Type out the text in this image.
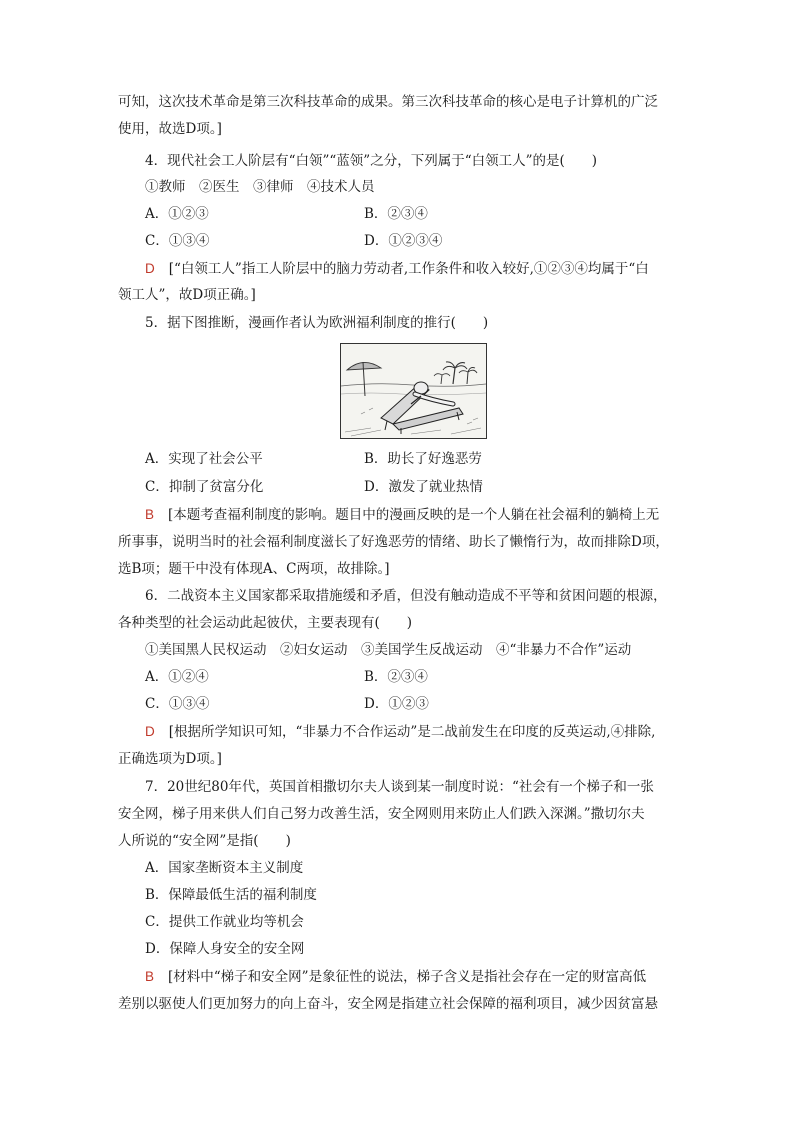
可知，这次技术革命是第三次科技革命的成果。第三次科技革命的核心是电子计算机的广泛
使用，故选D项。]
4．现代社会工人阶层有“白领”“蓝领”之分，下列属于“白领工人”的是(　　)
①教师　②医生　③律师　④技术人员
A．①②③	B．②③④
C．①③④	D．①②③④
D [“白领工人”指工人阶层中的脑力劳动者,工作条件和收入较好,①②③④均属于“白
领工人”，故D项正确。]
5．据下图推断，漫画作者认为欧洲福利制度的推行(　　)
A．实现了社会公平	B．助长了好逸恶劳
C．抑制了贫富分化	D．激发了就业热情
B [本题考查福利制度的影响。题目中的漫画反映的是一个人躺在社会福利的躺椅上无
所事事，说明当时的社会福利制度滋长了好逸恶劳的情绪、助长了懒惰行为，故而排除D项，
选B项；题干中没有体现A、C两项，故排除。]
6．二战资本主义国家都采取措施缓和矛盾，但没有触动造成不平等和贫困问题的根源，
各种类型的社会运动此起彼伏，主要表现有(　　)
①美国黑人民权运动　②妇女运动　③美国学生反战运动　④“非暴力不合作”运动
A．①②④	B．②③④
C．①③④	D．①②③
D [根据所学知识可知，“非暴力不合作运动”是二战前发生在印度的反英运动,④排除,
正确选项为D项。]
7．20世纪80年代，英国首相撒切尔夫人谈到某一制度时说：“社会有一个梯子和一张
安全网，梯子用来供人们自己努力改善生活，安全网则用来防止人们跌入深渊。”撒切尔夫
人所说的“安全网”是指(　　)
A．国家垄断资本主义制度
B．保障最低生活的福利制度
C．提供工作就业均等机会
D．保障人身安全的安全网
B [材料中“梯子和安全网”是象征性的说法，梯子含义是指社会存在一定的财富高低
差别以驱使人们更加努力的向上奋斗，安全网是指建立社会保障的福利项目，减少因贫富悬
